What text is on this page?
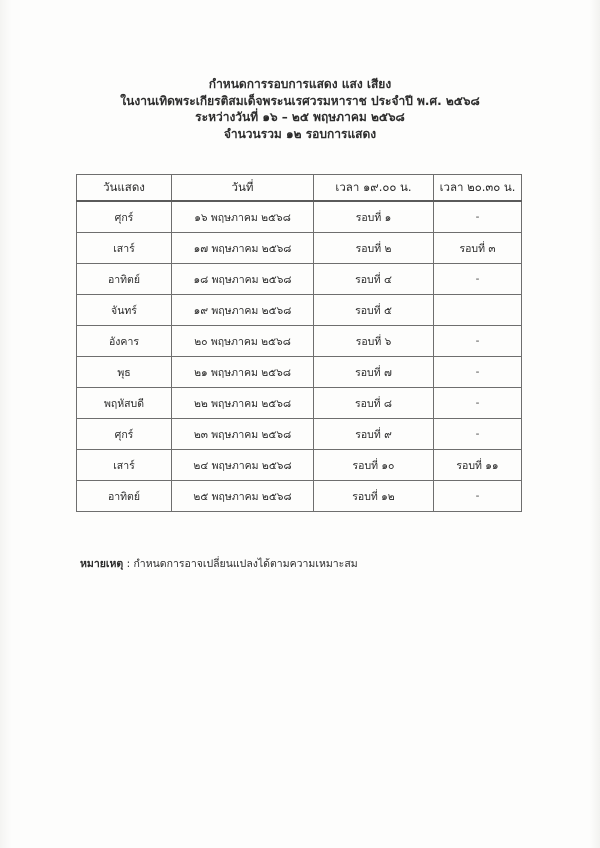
กำหนดการรอบการแสดง แสง เสียง
ในงานเทิดพระเกียรติสมเด็จพระนเรศวรมหาราช ประจำปี พ.ศ. ๒๕๖๘
ระหว่างวันที่ ๑๖ – ๒๕ พฤษภาคม ๒๕๖๘
จำนวนรวม ๑๒ รอบการแสดง
วันแสดง	วันที่	เวลา ๑๙.๐๐ น.	เวลา ๒๐.๓๐ น.
ศุกร์	๑๖ พฤษภาคม ๒๕๖๘	รอบที่ ๑	-
เสาร์	๑๗ พฤษภาคม ๒๕๖๘	รอบที่ ๒	รอบที่ ๓
อาทิตย์	๑๘ พฤษภาคม ๒๕๖๘	รอบที่ ๔	-
จันทร์	๑๙ พฤษภาคม ๒๕๖๘	รอบที่ ๕	
อังคาร	๒๐ พฤษภาคม ๒๕๖๘	รอบที่ ๖	-
พุธ	๒๑ พฤษภาคม ๒๕๖๘	รอบที่ ๗	-
พฤหัสบดี	๒๒ พฤษภาคม ๒๕๖๘	รอบที่ ๘	-
ศุกร์	๒๓ พฤษภาคม ๒๕๖๘	รอบที่ ๙	-
เสาร์	๒๔ พฤษภาคม ๒๕๖๘	รอบที่ ๑๐	รอบที่ ๑๑
อาทิตย์	๒๕ พฤษภาคม ๒๕๖๘	รอบที่ ๑๒	-
หมายเหตุ : กำหนดการอาจเปลี่ยนแปลงได้ตามความเหมาะสม
